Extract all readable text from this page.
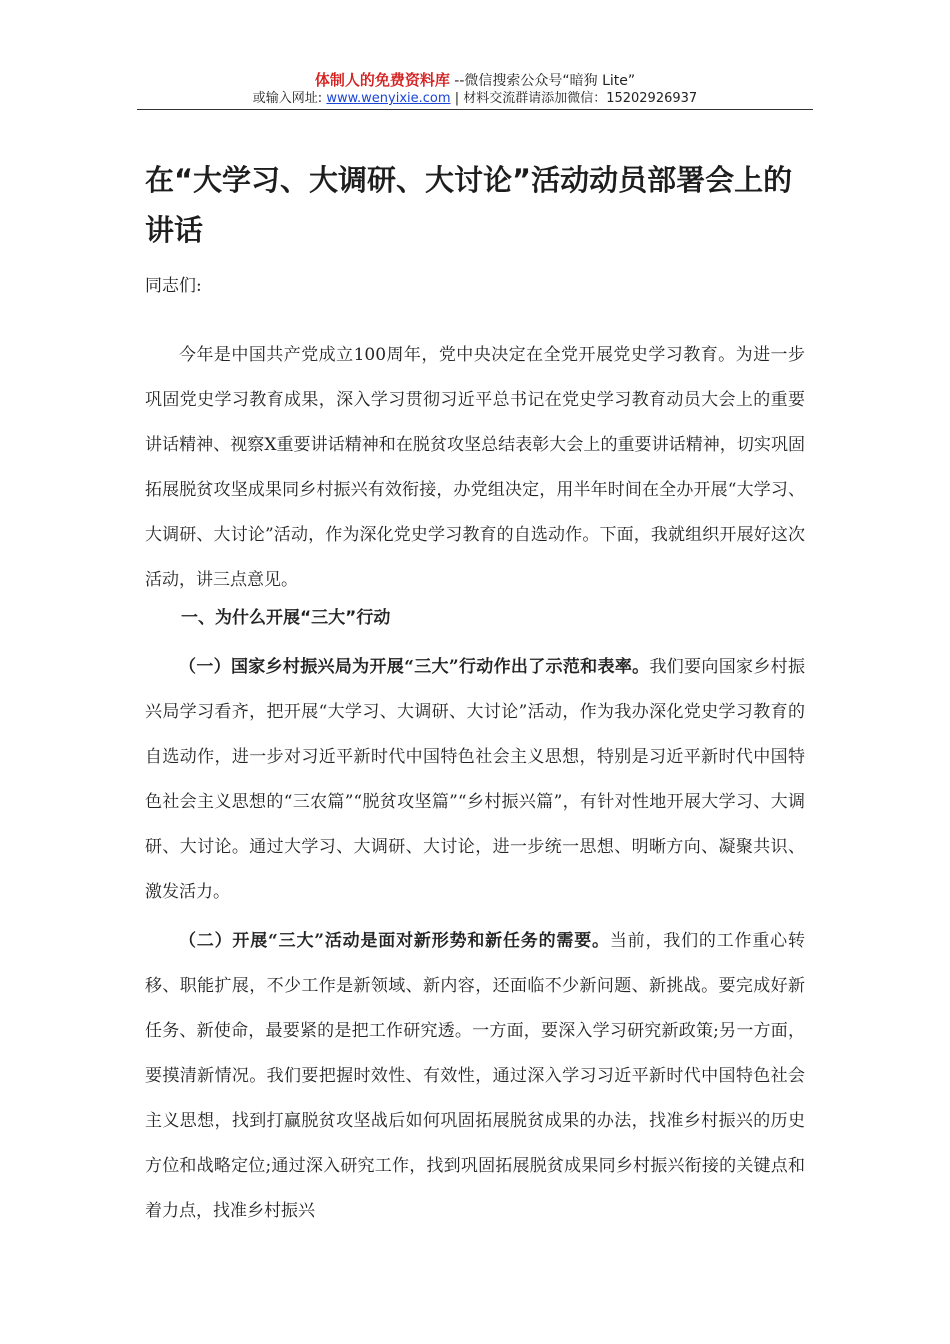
体制人的免费资料库 --微信搜索公众号“暗狗 Lite”
或输入网址: www.wenyixie.com | 材料交流群请添加微信：15202926937
在“大学习、大调研、大讨论”活动动员部署会上的讲话
同志们:

今年是中国共产党成立100周年，党中央决定在全党开展党史学习教育。为进一步巩固党史学习教育成果，深入学习贯彻习近平总书记在党史学习教育动员大会上的重要讲话精神、视察X重要讲话精神和在脱贫攻坚总结表彰大会上的重要讲话精神，切实巩固拓展脱贫攻坚成果同乡村振兴有效衔接，办党组决定，用半年时间在全办开展“大学习、大调研、大讨论”活动，作为深化党史学习教育的自选动作。下面，我就组织开展好这次活动，讲三点意见。

一、为什么开展“三大”行动

（一）国家乡村振兴局为开展“三大”行动作出了示范和表率。我们要向国家乡村振兴局学习看齐，把开展“大学习、大调研、大讨论”活动，作为我办深化党史学习教育的自选动作，进一步对习近平新时代中国特色社会主义思想，特别是习近平新时代中国特色社会主义思想的“三农篇”“脱贫攻坚篇”“乡村振兴篇”，有针对性地开展大学习、大调研、大讨论。通过大学习、大调研、大讨论，进一步统一思想、明晰方向、凝聚共识、激发活力。

（二）开展“三大”活动是面对新形势和新任务的需要。当前，我们的工作重心转移、职能扩展，不少工作是新领域、新内容，还面临不少新问题、新挑战。要完成好新任务、新使命，最要紧的是把工作研究透。一方面，要深入学习研究新政策;另一方面，要摸清新情况。我们要把握时效性、有效性，通过深入学习习近平新时代中国特色社会主义思想，找到打赢脱贫攻坚战后如何巩固拓展脱贫成果的办法，找准乡村振兴的历史方位和战略定位;通过深入研究工作，找到巩固拓展脱贫成果同乡村振兴衔接的关键点和着力点，找准乡村振兴
